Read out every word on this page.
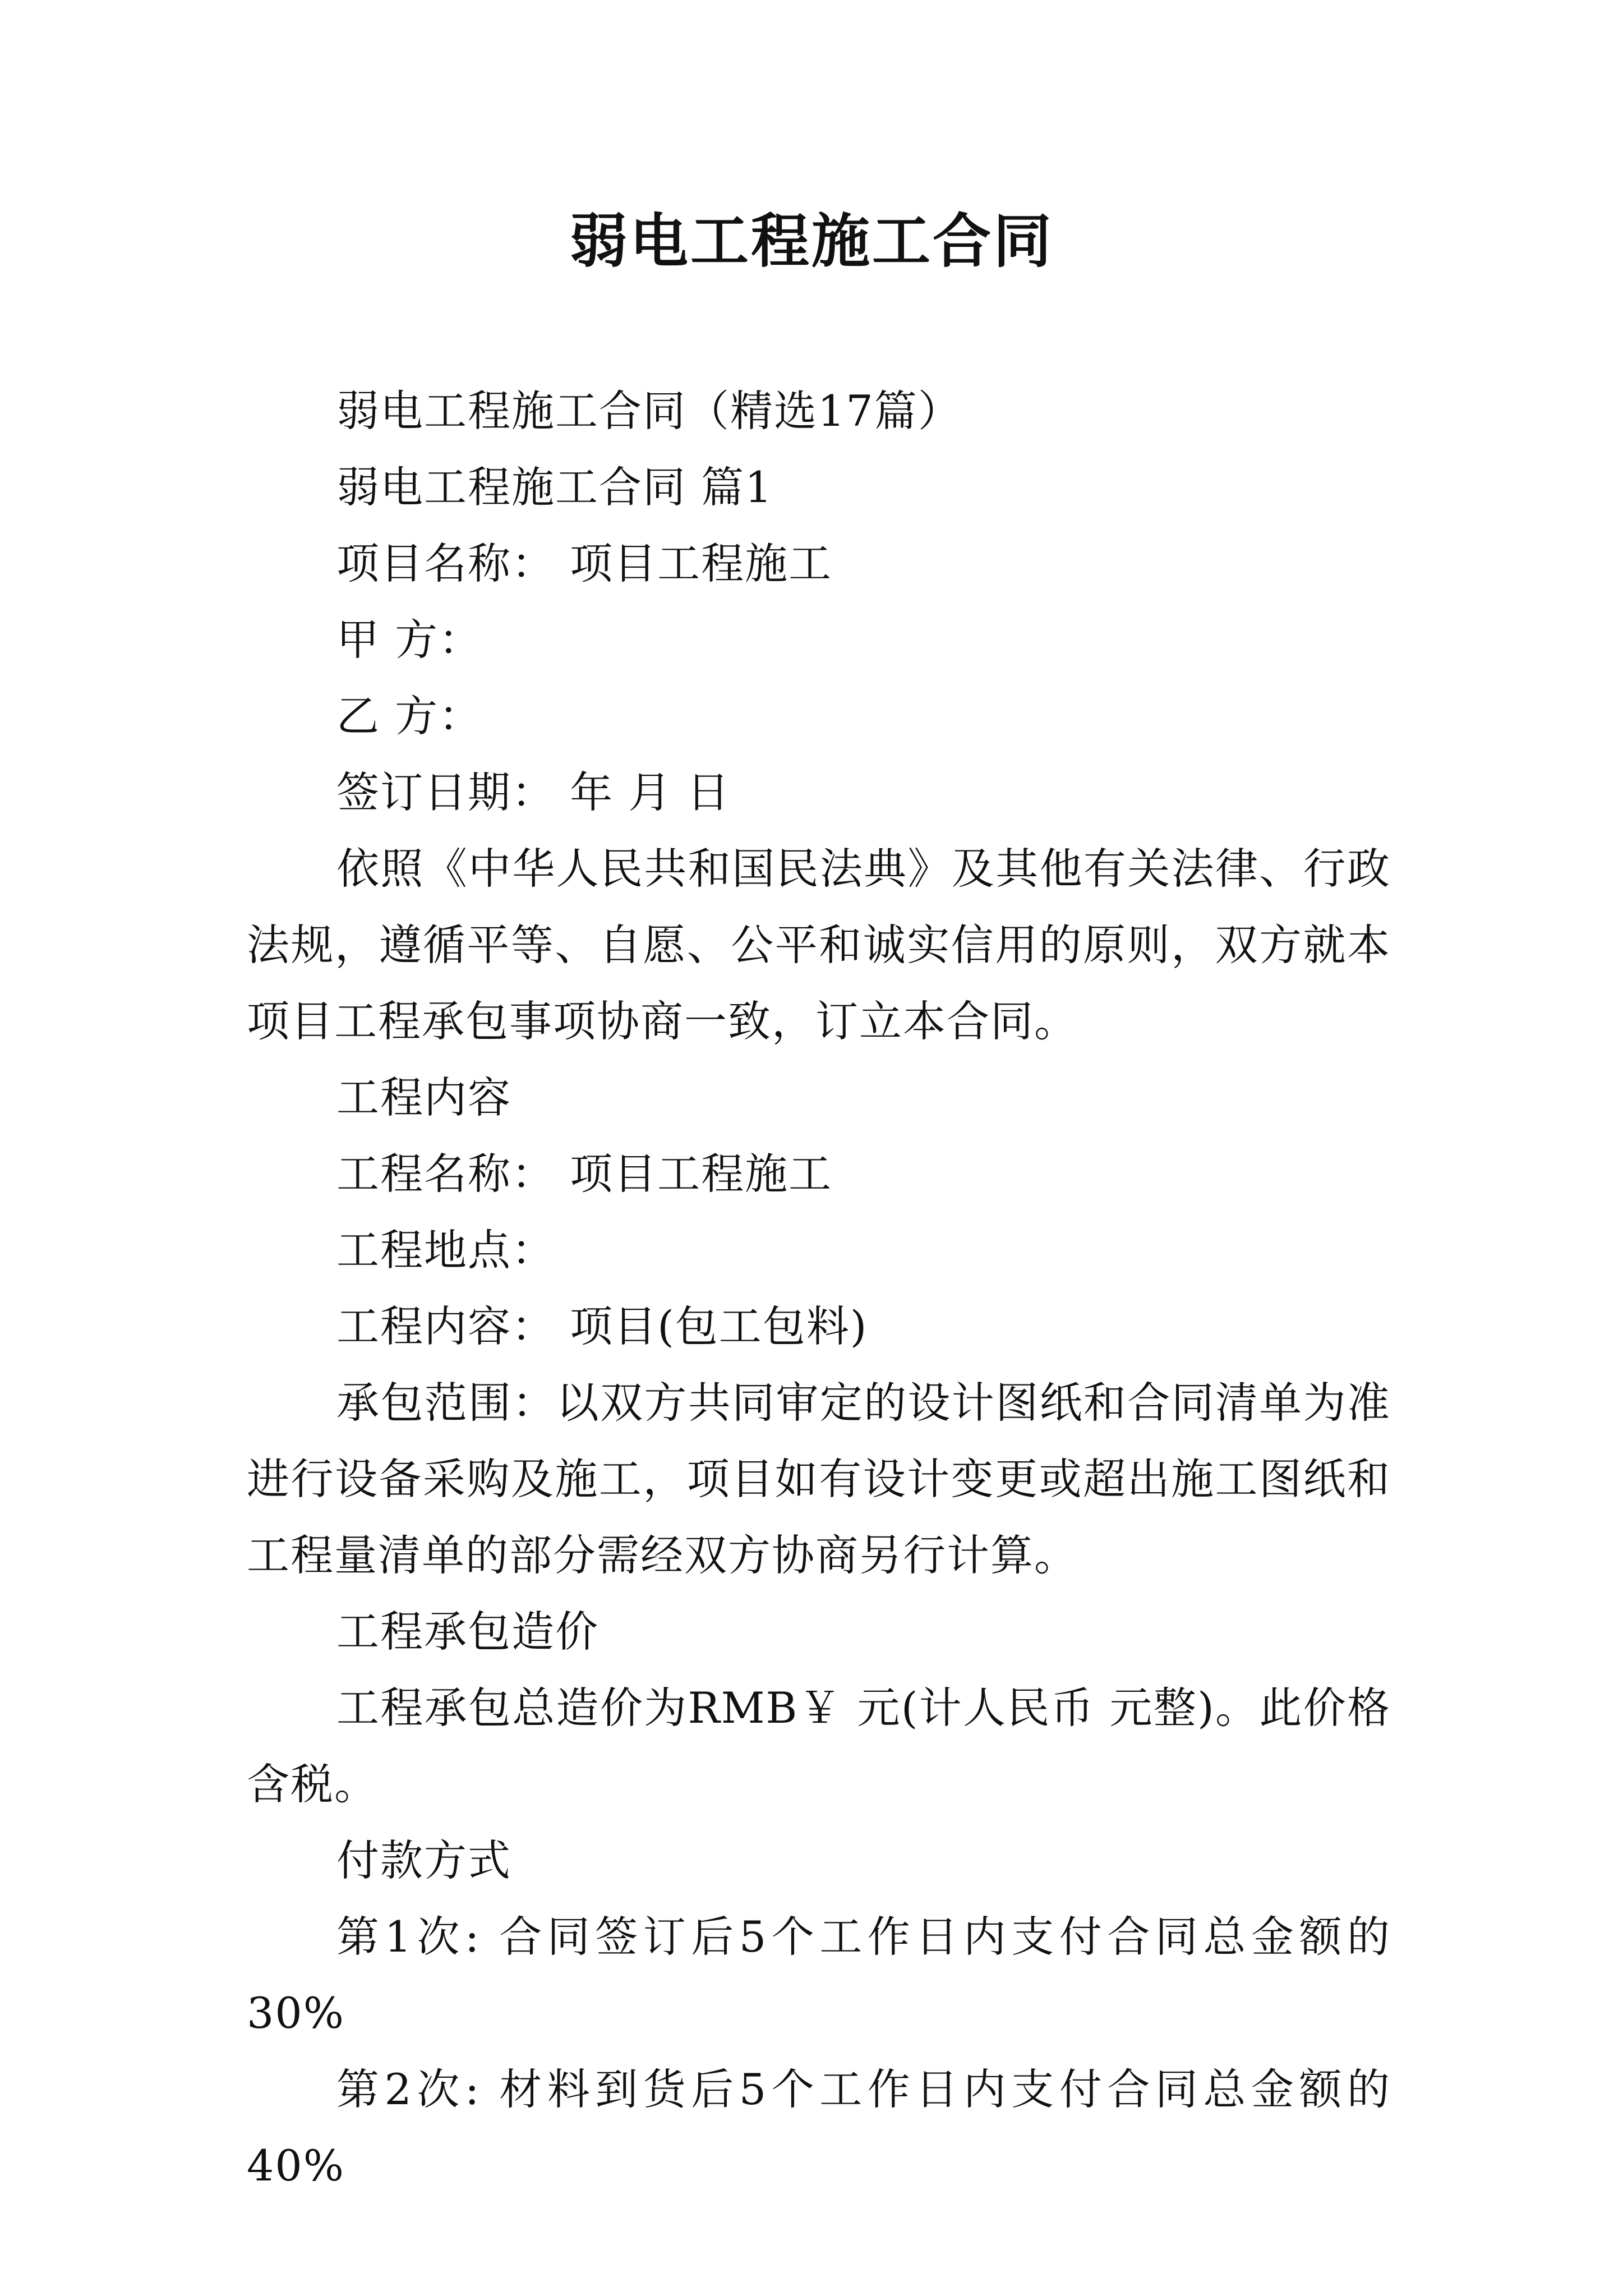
弱电工程施工合同

弱电工程施工合同（精选17篇）

弱电工程施工合同 篇1

项目名称： 项目工程施工

甲 方：

乙 方：

签订日期： 年 月 日

依照《中华人民共和国民法典》及其他有关法律、行政法规，遵循平等、自愿、公平和诚实信用的原则，双方就本项目工程承包事项协商一致，订立本合同。

工程内容

工程名称： 项目工程施工

工程地点：

工程内容： 项目(包工包料)

承包范围：以双方共同审定的设计图纸和合同清单为准进行设备采购及施工，项目如有设计变更或超出施工图纸和工程量清单的部分需经双方协商另行计算。

工程承包造价

工程承包总造价为RMB￥ 元(计人民币 元整)。此价格含税。

付款方式

第1次: 合同签订后5个工作日内支付合同总金额的30%

第2次: 材料到货后5个工作日内支付合同总金额的40%
